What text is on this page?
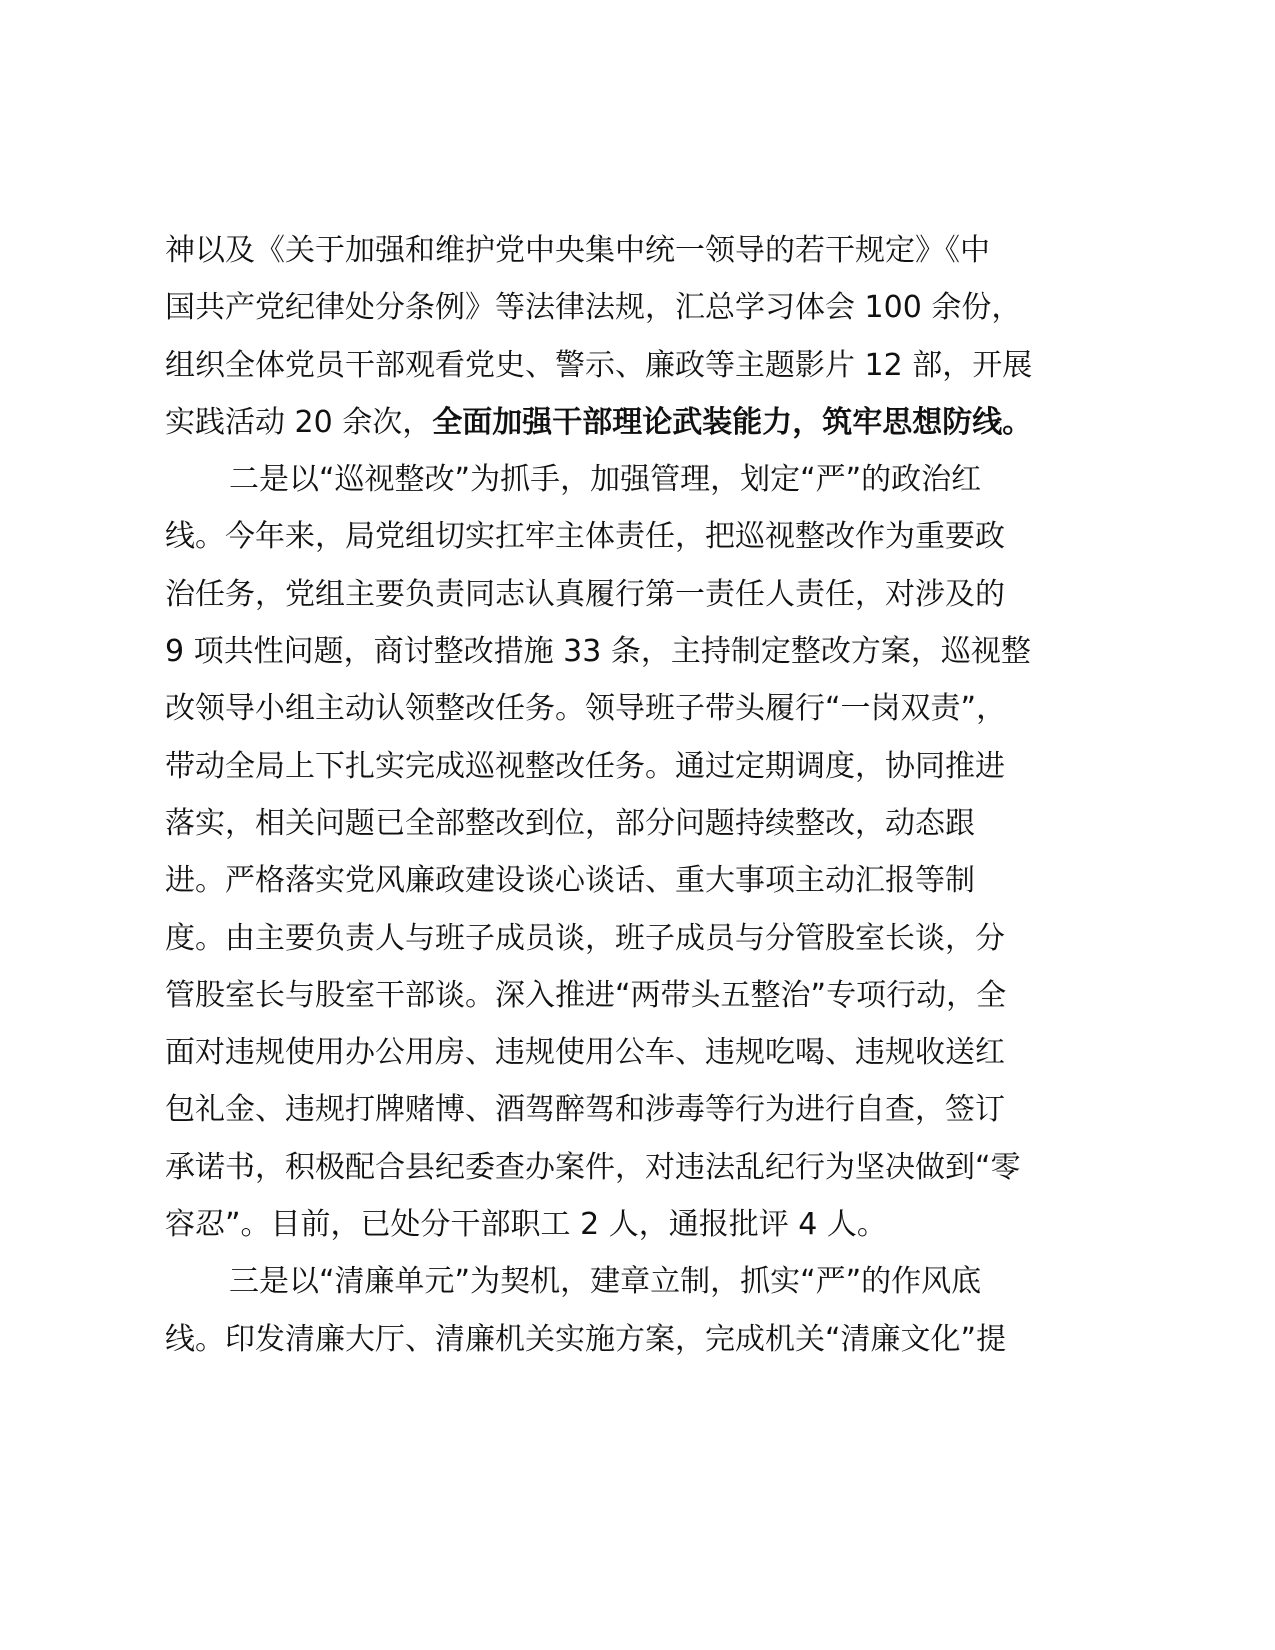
神以及《关于加强和维护党中央集中统一领导的若干规定》《中
国共产党纪律处分条例》等法律法规，汇总学习体会 100 余份，
组织全体党员干部观看党史、警示、廉政等主题影片 12 部，开展
实践活动 20 余次，全面加强干部理论武装能力，筑牢思想防线。
二是以“巡视整改”为抓手，加强管理，划定“严”的政治红
线。今年来，局党组切实扛牢主体责任，把巡视整改作为重要政
治任务，党组主要负责同志认真履行第一责任人责任，对涉及的
9 项共性问题，商讨整改措施 33 条，主持制定整改方案，巡视整
改领导小组主动认领整改任务。领导班子带头履行“一岗双责”，
带动全局上下扎实完成巡视整改任务。通过定期调度，协同推进
落实，相关问题已全部整改到位，部分问题持续整改，动态跟
进。严格落实党风廉政建设谈心谈话、重大事项主动汇报等制
度。由主要负责人与班子成员谈，班子成员与分管股室长谈，分
管股室长与股室干部谈。深入推进“两带头五整治”专项行动，全
面对违规使用办公用房、违规使用公车、违规吃喝、违规收送红
包礼金、违规打牌赌博、酒驾醉驾和涉毒等行为进行自查，签订
承诺书，积极配合县纪委查办案件，对违法乱纪行为坚决做到“零
容忍”。目前，已处分干部职工 2 人，通报批评 4 人。
三是以“清廉单元”为契机，建章立制，抓实“严”的作风底
线。印发清廉大厅、清廉机关实施方案，完成机关“清廉文化”提
